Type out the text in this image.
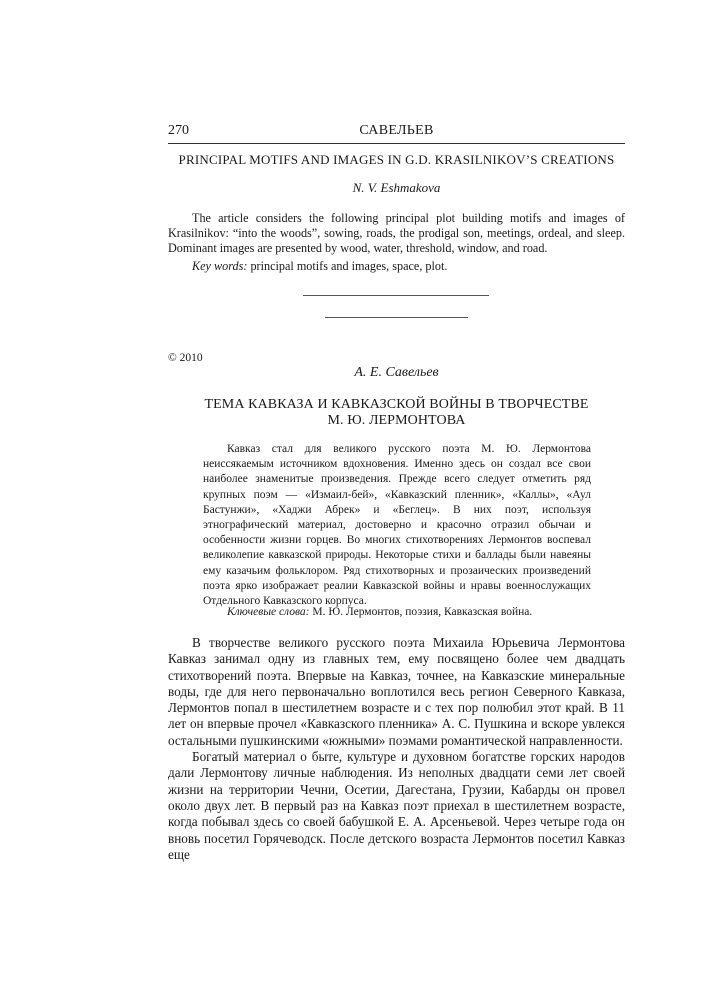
270	САВЕЛЬЕВ
PRINCIPAL MOTIFS AND IMAGES IN G.D. KRASILNIKOV’S CREATIONS
N. V. Eshmakova

The article considers the following principal plot building motifs and images of Krasilnikov: “into the woods”, sowing, roads, the prodigal son, meetings, ordeal, and sleep. Dominant images are presented by wood, water, threshold, window, and road.

Key words: principal motifs and images, space, plot.
© 2010
А. Е. Савельев
ТЕМА КАВКАЗА И КАВКАЗСКОЙ ВОЙНЫ В ТВОРЧЕСТВЕ
М. Ю. ЛЕРМОНТОВА

Кавказ стал для великого русского поэта М. Ю. Лермонтова неиссякаемым источником вдохновения. Именно здесь он создал все свои наиболее знаменитые произведения. Прежде всего следует отметить ряд крупных поэм — «Измаил-бей», «Кавказский пленник», «Каллы», «Аул Бастунжи», «Хаджи Абрек» и «Беглец». В них поэт, используя этнографический материал, достоверно и красочно отразил обычаи и особенности жизни горцев. Во многих стихотворениях Лермонтов воспевал великолепие кавказской природы. Некоторые стихи и баллады были навеяны ему казачьим фольклором. Ряд стихотворных и прозаических произведений поэта ярко изображает реалии Кавказской войны и нравы военнослужащих Отдельного Кавказского корпуса.

Ключевые слова: М. Ю. Лермонтов, поэзия, Кавказская война.

В творчестве великого русского поэта Михаила Юрьевича Лермонтова Кавказ занимал одну из главных тем, ему посвящено более чем двадцать стихотворений поэта. Впервые на Кавказ, точнее, на Кавказские минеральные воды, где для него первоначально воплотился весь регион Северного Кавказа, Лермонтов попал в шестилетнем возрасте и с тех пор полюбил этот край. В 11 лет он впервые прочел «Кавказского пленника» А. С. Пушкина и вскоре увлекся остальными пушкинскими «южными» поэмами романтической направленности.

Богатый материал о быте, культуре и духовном богатстве горских народов дали Лермонтову личные наблюдения. Из неполных двадцати семи лет своей жизни на территории Чечни, Осетии, Дагестана, Грузии, Кабарды он провел около двух лет. В первый раз на Кавказ поэт приехал в шестилетнем возрасте, когда побывал здесь со своей бабушкой Е. А. Арсеньевой. Через четыре года он вновь посетил Горячеводск. После детского возраста Лермонтов посетил Кавказ еще
